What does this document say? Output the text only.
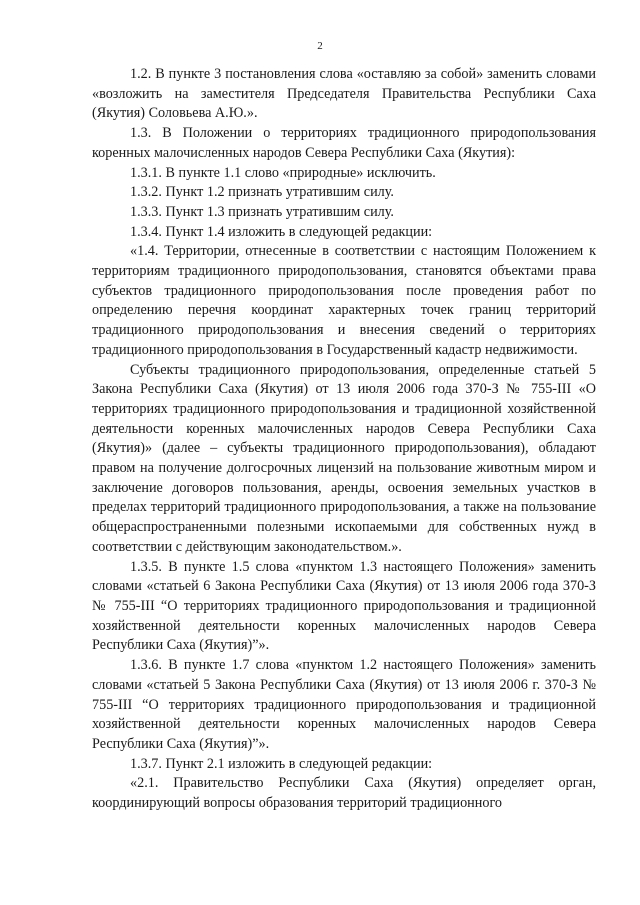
2

1.2. В пункте 3 постановления слова «оставляю за собой» заменить словами «возложить на заместителя Председателя Правительства Республики Саха (Якутия) Соловьева А.Ю.».

1.3. В Положении о территориях традиционного природопользования коренных малочисленных народов Севера Республики Саха (Якутия):

1.3.1. В пункте 1.1 слово «природные» исключить.

1.3.2. Пункт 1.2 признать утратившим силу.

1.3.3. Пункт 1.3 признать утратившим силу.

1.3.4. Пункт 1.4 изложить в следующей редакции:

«1.4. Территории, отнесенные в соответствии с настоящим Положением к территориям традиционного природопользования, становятся объектами права субъектов традиционного природопользования после проведения работ по определению перечня координат характерных точек границ территорий традиционного природопользования и внесения сведений о территориях традиционного природопользования в Государственный кадастр недвижимости.

Субъекты традиционного природопользования, определенные статьей 5 Закона Республики Саха (Якутия) от 13 июля 2006 года 370-З № 755-III «О территориях традиционного природопользования и традиционной хозяйственной деятельности коренных малочисленных народов Севера Республики Саха (Якутия)» (далее – субъекты традиционного природопользования), обладают правом на получение долгосрочных лицензий на пользование животным миром и заключение договоров пользования, аренды, освоения земельных участков в пределах территорий традиционного природопользования, а также на пользование общераспространенными полезными ископаемыми для собственных нужд в соответствии с действующим законодательством.».

1.3.5. В пункте 1.5 слова «пунктом 1.3 настоящего Положения» заменить словами «статьей 6 Закона Республики Саха (Якутия) от 13 июля 2006 года 370-З № 755-III “О территориях традиционного природопользования и традиционной хозяйственной деятельности коренных малочисленных народов Севера Республики Саха (Якутия)”».

1.3.6. В пункте 1.7 слова «пунктом 1.2 настоящего Положения» заменить словами «статьей 5 Закона Республики Саха (Якутия) от 13 июля 2006 г. 370-З № 755-III “О территориях традиционного природопользования и традиционной хозяйственной деятельности коренных малочисленных народов Севера Республики Саха (Якутия)”».

1.3.7. Пункт 2.1 изложить в следующей редакции:

«2.1. Правительство Республики Саха (Якутия) определяет орган, координирующий вопросы образования территорий традиционного
